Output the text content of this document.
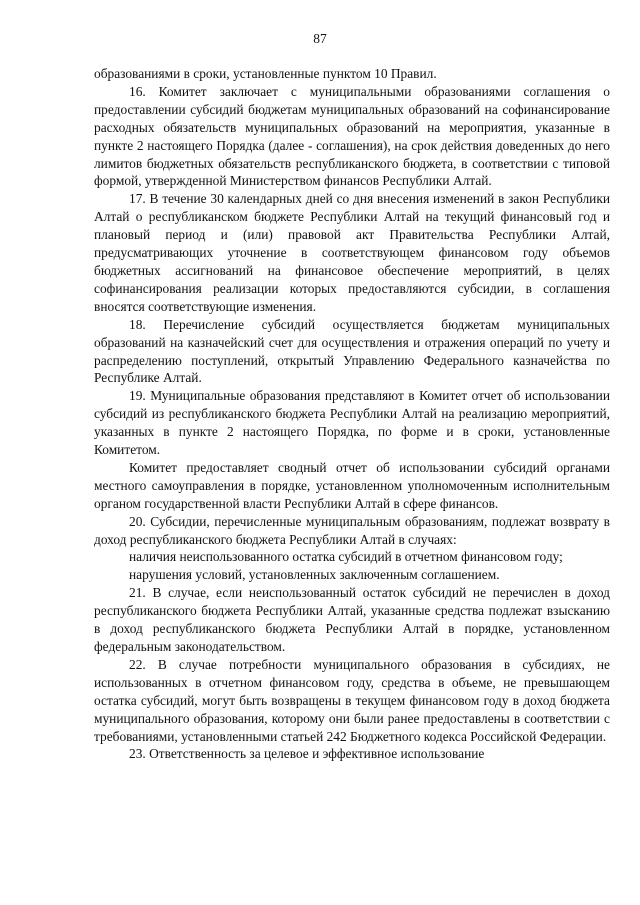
87

образованиями в сроки, установленные пунктом 10 Правил.

16. Комитет заключает с муниципальными образованиями соглашения о предоставлении субсидий бюджетам муниципальных образований на софинансирование расходных обязательств муниципальных образований на мероприятия, указанные в пункте 2 настоящего Порядка (далее - соглашения), на срок действия доведенных до него лимитов бюджетных обязательств республиканского бюджета, в соответствии с типовой формой, утвержденной Министерством финансов Республики Алтай.

17. В течение 30 календарных дней со дня внесения изменений в закон Республики Алтай о республиканском бюджете Республики Алтай на текущий финансовый год и плановый период и (или) правовой акт Правительства Республики Алтай, предусматривающих уточнение в соответствующем финансовом году объемов бюджетных ассигнований на финансовое обеспечение мероприятий, в целях софинансирования реализации которых предоставляются субсидии, в соглашения вносятся соответствующие изменения.

18. Перечисление субсидий осуществляется бюджетам муниципальных образований на казначейский счет для осуществления и отражения операций по учету и распределению поступлений, открытый Управлению Федерального казначейства по Республике Алтай.

19. Муниципальные образования представляют в Комитет отчет об использовании субсидий из республиканского бюджета Республики Алтай на реализацию мероприятий, указанных в пункте 2 настоящего Порядка, по форме и в сроки, установленные Комитетом.

Комитет предоставляет сводный отчет об использовании субсидий органами местного самоуправления в порядке, установленном уполномоченным исполнительным органом государственной власти Республики Алтай в сфере финансов.

20. Субсидии, перечисленные муниципальным образованиям, подлежат возврату в доход республиканского бюджета Республики Алтай в случаях:

наличия неиспользованного остатка субсидий в отчетном финансовом году;

нарушения условий, установленных заключенным соглашением.

21. В случае, если неиспользованный остаток субсидий не перечислен в доход республиканского бюджета Республики Алтай, указанные средства подлежат взысканию в доход республиканского бюджета Республики Алтай в порядке, установленном федеральным законодательством.

22. В случае потребности муниципального образования в субсидиях, не использованных в отчетном финансовом году, средства в объеме, не превышающем остатка субсидий, могут быть возвращены в текущем финансовом году в доход бюджета муниципального образования, которому они были ранее предоставлены в соответствии с требованиями, установленными статьей 242 Бюджетного кодекса Российской Федерации.

23. Ответственность за целевое и эффективное использование
